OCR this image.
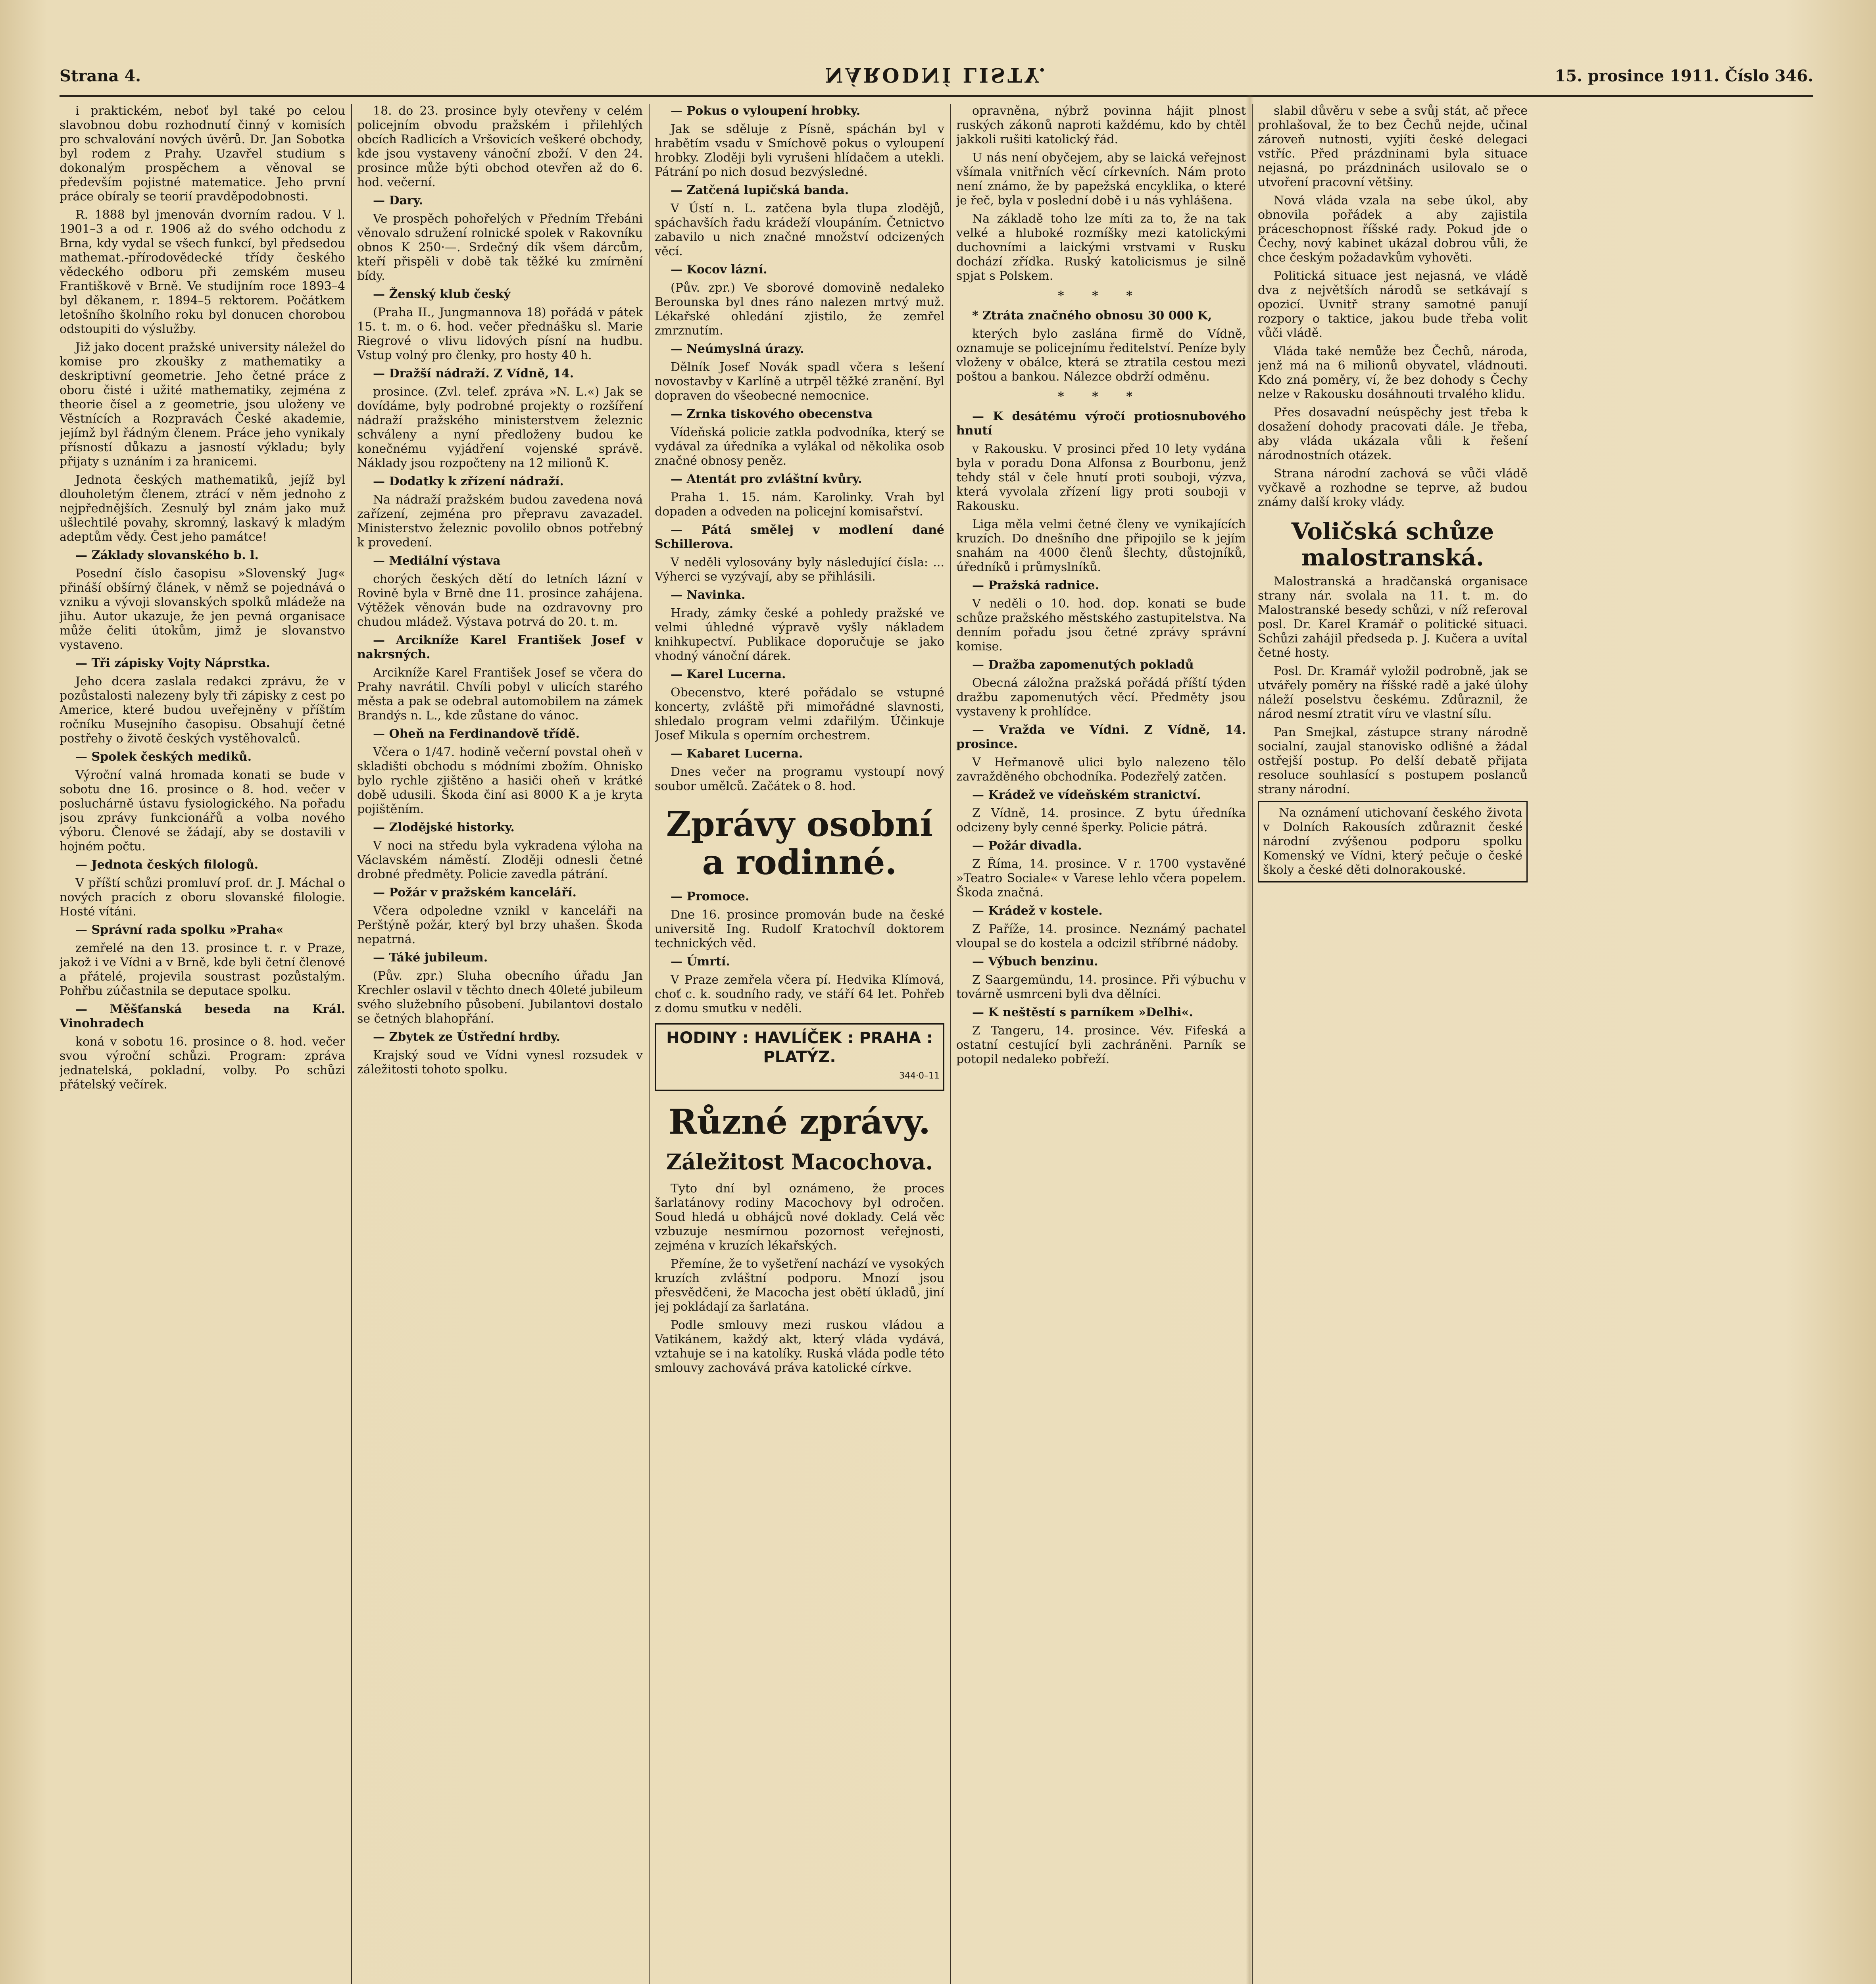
Strana 4.	NÁRODNÍ LISTY.	15. prosince 1911. Číslo 346.

i praktickém, neboť byl také po celou slavobnou dobu rozhodnutí činný v komisích pro schvalování nových úvěrů. Dr. Jan Sobotka byl rodem z Prahy. Uzavřel studium s dokonalým prospěchem a věnoval se především pojistné matematice. Jeho první práce obíraly se teorií pravděpodobnosti.

R. 1888 byl jmenován dvorním radou. V l. 1901–3 a od r. 1906 až do svého odchodu z Brna, kdy vydal se všech funkcí, byl předsedou mathemat.-přírodovědecké třídy českého vědeckého odboru při zemském museu Františkově v Brně. Ve studijním roce 1893–4 byl děkanem, r. 1894–5 rektorem. Počátkem letošního školního roku byl donucen chorobou odstoupiti do výslužby.

Již jako docent pražské university náležel do komise pro zkoušky z mathematiky a deskriptivní geometrie. Jeho četné práce z oboru čisté i užité mathematiky, zejména z theorie čísel a z geometrie, jsou uloženy ve Věstnících a Rozpravách České akademie, jejímž byl řádným členem. Práce jeho vynikaly přísností důkazu a jasností výkladu; byly přijaty s uznáním i za hranicemi.

Jednota českých mathematiků, jejíž byl dlouholetým členem, ztrácí v něm jednoho z nejpřednějších. Zesnulý byl znám jako muž ušlechtilé povahy, skromný, laskavý k mladým adeptům vědy. Čest jeho památce!

— Základy slovanského b. l.

Posední číslo časopisu »Slovenský Jug« přináší obšírný článek, v němž se pojednává o vzniku a vývoji slovanských spolků mládeže na jihu. Autor ukazuje, že jen pevná organisace může čeliti útokům, jimž je slovanstvo vystaveno.

— Tři zápisky Vojty Náprstka.

Jeho dcera zaslala redakci zprávu, že v pozůstalosti nalezeny byly tři zápisky z cest po Americe, které budou uveřejněny v příštím ročníku Musejního časopisu. Obsahují četné postřehy o životě českých vystěhovalců.

— Spolek českých mediků.

Výroční valná hromada konati se bude v sobotu dne 16. prosince o 8. hod. večer v posluchárně ústavu fysiologického. Na pořadu jsou zprávy funkcionářů a volba nového výboru. Členové se žádají, aby se dostavili v hojném počtu.

— Jednota českých filologů.

V příští schůzi promluví prof. dr. J. Máchal o nových pracích z oboru slovanské filologie. Hosté vítáni.

— Správní rada spolku »Praha«

zemřelé na den 13. prosince t. r. v Praze, jakož i ve Vídni a v Brně, kde byli četní členové a přátelé, projevila soustrast pozůstalým. Pohřbu zúčastnila se deputace spolku.

— Měšťanská beseda na Král. Vinohradech

koná v sobotu 16. prosince o 8. hod. večer svou výroční schůzi. Program: zpráva jednatelská, pokladní, volby. Po schůzi přátelský večírek.

18. do 23. prosince byly otevřeny v celém policejním obvodu pražském i přilehlých obcích Radlicích a Vršovicích veškeré obchody, kde jsou vystaveny vánoční zboží. V den 24. prosince může býti obchod otevřen až do 6. hod. večerní.

— Dary.

Ve prospěch pohořelých v Předním Třebáni věnovalo sdružení rolnické spolek v Rakovníku obnos K 250·—. Srdečný dík všem dárcům, kteří přispěli v době tak těžké ku zmírnění bídy.

— Ženský klub český

(Praha II., Jungmannova 18) pořádá v pátek 15. t. m. o 6. hod. večer přednášku sl. Marie Riegrové o vlivu lidových písní na hudbu. Vstup volný pro členky, pro hosty 40 h.

— Dražší nádraží. Z Vídně, 14.

prosince. (Zvl. telef. zpráva »N. L.«) Jak se dovídáme, byly podrobné projekty o rozšíření nádraží pražského ministerstvem železnic schváleny a nyní předloženy budou ke konečnému vyjádření vojenské správě. Náklady jsou rozpočteny na 12 milionů K.

— Dodatky k zřízení nádraží.

Na nádraží pražském budou zavedena nová zařízení, zejména pro přepravu zavazadel. Ministerstvo železnic povolilo obnos potřebný k provedení.

— Mediální výstava

chorých českých dětí do letních lázní v Rovině byla v Brně dne 11. prosince zahájena. Výtěžek věnován bude na ozdravovny pro chudou mládež. Výstava potrvá do 20. t. m.

— Arcikníže Karel František Josef v nakrsných.

Arcikníže Karel František Josef se včera do Prahy navrátil. Chvíli pobyl v ulicích starého města a pak se odebral automobilem na zámek Brandýs n. L., kde zůstane do vánoc.

— Oheň na Ferdinandově třídě.

Včera o 1/47. hodině večerní povstal oheň v skladišti obchodu s módními zbožím. Ohnisko bylo rychle zjištěno a hasiči oheň v krátké době udusili. Škoda činí asi 8000 K a je kryta pojištěním.

— Zlodějské historky.

V noci na středu byla vykradena výloha na Václavském náměstí. Zloději odnesli četné drobné předměty. Policie zavedla pátrání.

— Požár v pražském kanceláří.

Včera odpoledne vznikl v kanceláři na Perštýně požár, který byl brzy uhašen. Škoda nepatrná.

— Táké jubileum.

(Pův. zpr.) Sluha obecního úřadu Jan Krechler oslavil v těchto dnech 40leté jubileum svého služebního působení. Jubilantovi dostalo se četných blahopřání.

— Zbytek ze Ústřední hrdby.

Krajský soud ve Vídni vynesl rozsudek v záležitosti tohoto spolku.

— Pokus o vyloupení hrobky.

Jak se sděluje z Písně, spáchán byl v hrabětím vsadu v Smíchově pokus o vyloupení hrobky. Zloději byli vyrušeni hlídačem a utekli. Pátrání po nich dosud bezvýsledné.

— Zatčená lupičská banda.

V Ústí n. L. zatčena byla tlupa zlodějů, spáchavších řadu krádeží vloupáním. Četnictvo zabavilo u nich značné množství odcizených věcí.

— Kocov lázní.

(Pův. zpr.) Ve sborové domovině nedaleko Berounska byl dnes ráno nalezen mrtvý muž. Lékařské ohledání zjistilo, že zemřel zmrznutím.

— Neúmyslná úrazy.

Dělník Josef Novák spadl včera s lešení novostavby v Karlíně a utrpěl těžké zranění. Byl dopraven do všeobecné nemocnice.

— Zrnka tiskového obecenstva

Vídeňská policie zatkla podvodníka, který se vydával za úředníka a vylákal od několika osob značné obnosy peněz.

— Atentát pro zvláštní kvůry.

Praha 1. 15. nám. Karolinky. Vrah byl dopaden a odveden na policejní komisařství.

— Pátá smělej v modlení dané Schillerova.

V neděli vylosovány byly následující čísla: ... Výherci se vyzývají, aby se přihlásili.

— Navinka.

Hrady, zámky české a pohledy pražské ve velmi úhledné výpravě vyšly nákladem knihkupectví. Publikace doporučuje se jako vhodný vánoční dárek.

— Karel Lucerna.

Obecenstvo, které pořádalo se vstupné koncerty, zvláště při mimořádné slavnosti, shledalo program velmi zdařilým. Účinkuje Josef Mikula s operním orchestrem.

— Kabaret Lucerna.

Dnes večer na programu vystoupí nový soubor umělců. Začátek o 8. hod.

Zprávy osobní a rodinné.

— Promoce.

Dne 16. prosince promován bude na české universitě Ing. Rudolf Kratochvíl doktorem technických věd.

— Úmrtí.

V Praze zemřela včera pí. Hedvika Klímová, choť c. k. soudního rady, ve stáří 64 let. Pohřeb z domu smutku v neděli.

HODINY : HAVLÍČEK : PRAHA : PLATÝZ.
344·0–11
Různé zprávy.
Záležitost Macochova.

Tyto dní byl oznámeno, že proces šarlatánovy rodiny Macochovy byl odročen. Soud hledá u obhájců nové doklady. Celá věc vzbuzuje nesmírnou pozornost veřejnosti, zejména v kruzích lékařských.

Přemíne, že to vyšetření nachází ve vysokých kruzích zvláštní podporu. Mnozí jsou přesvědčeni, že Macocha jest obětí úkladů, jiní jej pokládají za šarlatána.

Podle smlouvy mezi ruskou vládou a Vatikánem, každý akt, který vláda vydává, vztahuje se i na katolíky. Ruská vláda podle této smlouvy zachovává práva katolické církve.

opravněna, nýbrž povinna hájit plnost ruských zákonů naproti každému, kdo by chtěl jakkoli rušiti katolický řád.

U nás není obyčejem, aby se laická veřejnost všímala vnitřních věcí církevních. Nám proto není známo, že by papežská encyklika, o které je řeč, byla v poslední době i u nás vyhlášena.

Na základě toho lze míti za to, že na tak velké a hluboké rozmíšky mezi katolickými duchovními a laickými vrstvami v Rusku dochází zřídka. Ruský katolicismus je silně spjat s Polskem.

* * *

* Ztráta značného obnosu 30 000 K,

kterých bylo zaslána firmě do Vídně, oznamuje se policejnímu ředitelství. Peníze byly vloženy v obálce, která se ztratila cestou mezi poštou a bankou. Nálezce obdrží odměnu.

* * *

— K desátému výročí protiosnubového hnutí

v Rakousku. V prosinci před 10 lety vydána byla v poradu Dona Alfonsa z Bourbonu, jenž tehdy stál v čele hnutí proti souboji, výzva, která vyvolala zřízení ligy proti souboji v Rakousku.

Liga měla velmi četné členy ve vynikajících kruzích. Do dnešního dne připojilo se k jejím snahám na 4000 členů šlechty, důstojníků, úředníků i průmyslníků.

— Pražská radnice.

V neděli o 10. hod. dop. konati se bude schůze pražského městského zastupitelstva. Na denním pořadu jsou četné zprávy správní komise.

— Dražba zapomenutých pokladů

Obecná záložna pražská pořádá příští týden dražbu zapomenutých věcí. Předměty jsou vystaveny k prohlídce.

— Vražda ve Vídni. Z Vídně, 14. prosince.

V Heřmanově ulici bylo nalezeno tělo zavražděného obchodníka. Podezřelý zatčen.

— Krádež ve vídeňském stranictví.

Z Vídně, 14. prosince. Z bytu úředníka odcizeny byly cenné šperky. Policie pátrá.

— Požár divadla.

Z Říma, 14. prosince. V r. 1700 vystavěné »Teatro Sociale« v Varese lehlo včera popelem. Škoda značná.

— Krádež v kostele.

Z Paříže, 14. prosince. Neznámý pachatel vloupal se do kostela a odcizil stříbrné nádoby.

— Výbuch benzinu.

Z Saargemündu, 14. prosince. Při výbuchu v továrně usmrceni byli dva dělníci.

— K neštěstí s parníkem »Delhi«.

Z Tangeru, 14. prosince. Vév. Fifeská a ostatní cestující byli zachráněni. Parník se potopil nedaleko pobřeží.

slabil důvěru v sebe a svůj stát, ač přece prohlašoval, že to bez Čechů nejde, učinal zároveň nutnosti, vyjíti české delegaci vstříc. Před prázdninami byla situace nejasná, po prázdninách usilovalo se o utvoření pracovní většiny.

Nová vláda vzala na sebe úkol, aby obnovila pořádek a aby zajistila práceschopnost říšské rady. Pokud jde o Čechy, nový kabinet ukázal dobrou vůli, že chce českým požadavkům vyhověti.

Politická situace jest nejasná, ve vládě dva z největších národů se setkávají s opozicí. Uvnitř strany samotné panují rozpory o taktice, jakou bude třeba volit vůči vládě.

Vláda také nemůže bez Čechů, národa, jenž má na 6 milionů obyvatel, vládnouti. Kdo zná poměry, ví, že bez dohody s Čechy nelze v Rakousku dosáhnouti trvalého klidu.

Přes dosavadní neúspěchy jest třeba k dosažení dohody pracovati dále. Je třeba, aby vláda ukázala vůli k řešení národnostních otázek.

Strana národní zachová se vůči vládě vyčkavě a rozhodne se teprve, až budou známy další kroky vlády.

Voličská schůze malostranská.

Malostranská a hradčanská organisace strany nár. svolala na 11. t. m. do Malostranské besedy schůzi, v níž referoval posl. Dr. Karel Kramář o politické situaci. Schůzi zahájil předseda p. J. Kučera a uvítal četné hosty.

Posl. Dr. Kramář vyložil podrobně, jak se utvářely poměry na říšské radě a jaké úlohy náleží poselstvu českému. Zdůraznil, že národ nesmí ztratit víru ve vlastní sílu.

Pan Smejkal, zástupce strany národně socialní, zaujal stanovisko odlišné a žádal ostřejší postup. Po delší debatě přijata resoluce souhlasící s postupem poslanců strany národní.

Na oznámení utichovaní českého života v Dolních Rakousích zdůraznit české národní zvýšenou podporu spolku Komenský ve Vídni, který pečuje o české školy a české děti dolnorakouské.
